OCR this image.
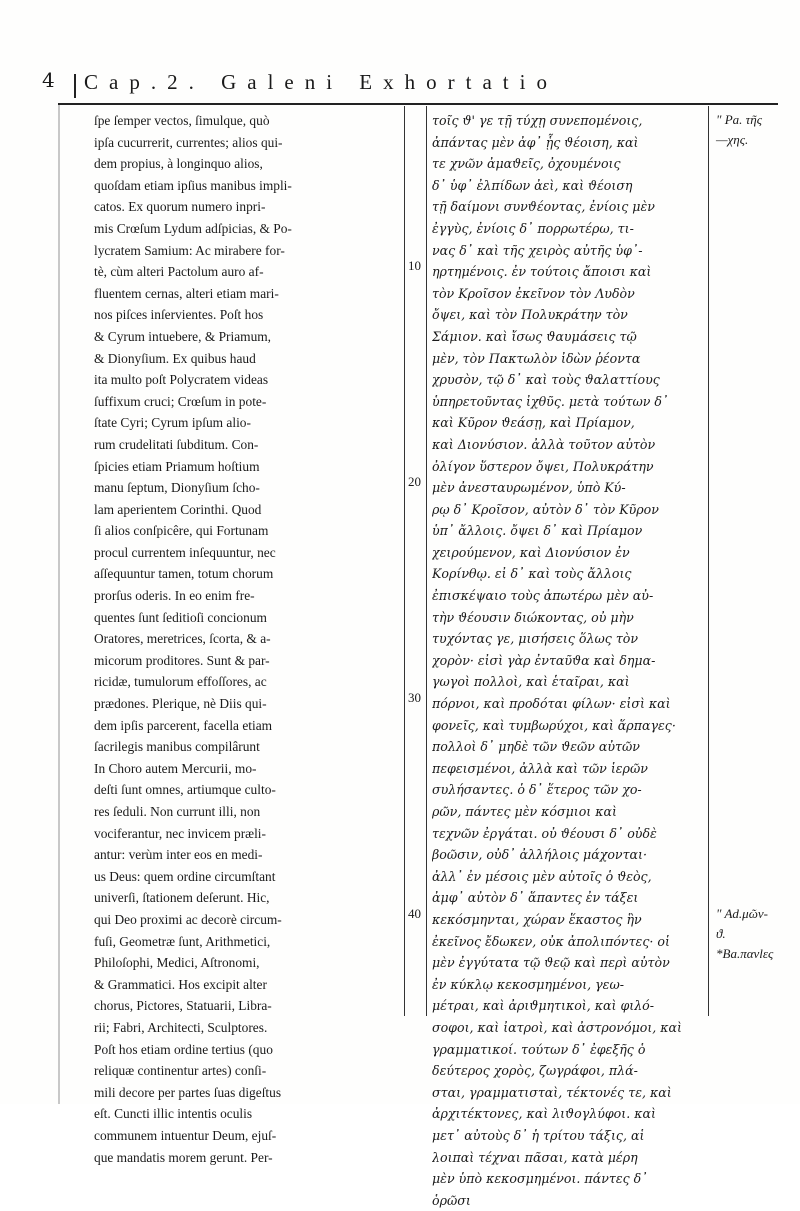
4 Cap.2. Galeni Exhortatio
ſpe ſemper vectos, ſimulque, quò
ipſa cucurrerit, currentes; alios qui-
dem propius, à longinquo alios,
quoſdam etiam ipſius manibus impli-
catos. Ex quorum numero inpri-
mis Crœſum Lydum adſpicias, & Po-
lycratem Samium: Ac mirabere for-
tè, cùm alteri Pactolum auro af-
fluentem cernas, alteri etiam mari-
nos piſces inſervientes. Poſt hos
& Cyrum intuebere, & Priamum,
& Dionyſium. Ex quibus haud
ita multo poſt Polycratem videas
ſuffixum cruci; Crœſum in pote-
ſtate Cyri; Cyrum ipſum alio-
rum crudelitati ſubditum. Con-
ſpicies etiam Priamum hoſtium
manu ſeptum, Dionyſium ſcho-
lam aperientem Corinthi. Quod
ſi alios conſpicêre, qui Fortunam
procul currentem inſequuntur, nec
aſſequuntur tamen, totum chorum
prorſus oderis. In eo enim fre-
quentes ſunt ſeditioſi concionum
Oratores, meretrices, ſcorta, & a-
micorum proditores. Sunt & par-
ricidæ, tumulorum effoſſores, ac
prædones. Plerique, nè Diis qui-
dem ipſis parcerent, facella etiam
ſacrilegis manibus compilârunt
In Choro autem Mercurii, mo-
deſti ſunt omnes, artiumque culto-
res ſeduli. Non currunt illi, non
vociferantur, nec invicem præli-
antur: verùm inter eos en medi-
us Deus: quem ordine circumſtant
univerſi, ſtationem deſerunt. Hic,
qui Deo proximi ac decorè circum-
fuſi, Geometræ ſunt, Arithmetici,
Philoſophi, Medici, Aſtronomi,
& Grammatici. Hos excipit alter
chorus, Pictores, Statuarii, Libra-
rii; Fabri, Architecti, Sculptores.
Poſt hos etiam ordine tertius (quo
reliquæ continentur artes) conſi-
mili decore per partes ſuas digeſtus
eſt. Cuncti illic intentis oculis
communem intuentur Deum, ejuſ-
que mandatis morem gerunt. Per-
10
20
30
40
τοῖς ϑ' γε τῇ τύχῃ συνεπομένοις,
ἀπάντας μὲν ἀφ᾽ ᾗς ϑέοιση, καὶ
τε χνῶν ἀμαϑεῖς, ὀχουμένοις
δ᾽ ὑφ᾽ ἐλπίδων ἀεὶ, καὶ ϑέοιση
τῇ δαίμονι συνϑέοντας, ἐνίοις μὲν
ἐγγὺς, ἐνίοις δ᾽ πορρωτέρω, τι-
νας δ᾽ καὶ τῆς χειρὸς αὐτῆς ὑφ᾽-
ηρτημένοις. ἐν τούτοις ἄποισι καὶ
τὸν Κροῖσον ἐκεῖνον τὸν Λυδὸν
ὄψει, καὶ τὸν Πολυκράτην τὸν
Σάμιον. καὶ ἴσως ϑαυμάσεις τῷ
μὲν, τὸν Πακτωλὸν ἰδὼν ῥέοντα
χρυσὸν, τῷ δ᾽ καὶ τοὺς ϑαλαττίους
ὑπηρετοῦντας ἰχθῦς. μετὰ τούτων δ᾽
καὶ Κῦρον ϑεάσῃ, καὶ Πρίαμον,
καὶ Διονύσιον. ἀλλὰ τοῦτον αὐτὸν
ὀλίγον ὕστερον ὄψει, Πολυκράτην
μὲν ἀνεσταυρωμένον, ὑπὸ Κύ-
ρῳ δ᾽ Κροῖσον, αὐτὸν δ᾽ τὸν Κῦρον
ὑπ᾽ ἄλλοις. ὄψει δ᾽ καὶ Πρίαμον
χειρούμενον, καὶ Διονύσιον ἐν
Κορίνθῳ. εἰ δ᾽ καὶ τοὺς ἄλλοις
ἐπισκέψαιο τοὺς ἀπωτέρω μὲν αὐ-
τὴν ϑέουσιν διώκοντας, οὐ μὴν
τυχόντας γε, μισήσεις ὅλως τὸν
χορὸν· εἰσὶ γὰρ ἐνταῦϑα καὶ δημα-
γωγοὶ πολλοὶ, καὶ ἑταῖραι, καὶ
πόρνοι, καὶ προδόται φίλων· εἰσὶ καὶ
φονεῖς, καὶ τυμβωρύχοι, καὶ ἅρπαγες·
πολλοὶ δ᾽ μηδὲ τῶν ϑεῶν αὐτῶν
πεφεισμένοι, ἀλλὰ καὶ τῶν ἱερῶν
συλήσαντες. ὁ δ᾽ ἕτερος τῶν χο-
ρῶν, πάντες μὲν κόσμιοι καὶ
τεχνῶν ἐργάται. οὐ ϑέουσι δ᾽ οὐδὲ
βοῶσιν, οὐδ᾽ ἀλλήλοις μάχονται·
ἀλλ᾽ ἐν μέσοις μὲν αὐτοῖς ὁ ϑεὸς,
ἀμφ᾽ αὐτὸν δ᾽ ἅπαντες ἐν τάξει
κεκόσμηνται, χώραν ἕκαστος ἣν
ἐκεῖνος ἔδωκεν, οὐκ ἀπολιπόντες· οἱ
μὲν ἐγγύτατα τῷ ϑεῷ καὶ περὶ αὐτὸν
ἐν κύκλῳ κεκοσμημένοι, γεω-
μέτραι, καὶ ἀριϑμητικοὶ, καὶ φιλό-
σοφοι, καὶ ἰατροὶ, καὶ ἀστρονόμοι, καὶ
γραμματικοί. τούτων δ᾽ ἐφεξῆς ὁ
δεύτερος χορὸς, ζωγράφοι, πλά-
σται, γραμματισταὶ, τέκτονές τε, καὶ
ἀρχιτέκτονες, καὶ λιϑογλύφοι. καὶ
μετ᾽ αὐτοὺς δ᾽ ἡ τρίτου τάξις, αἱ
λοιπαὶ τέχναι πᾶσαι, κατὰ μέρη
μὲν ὑπὸ κεκοσμημένοι. πάντες δ᾽
ὁρῶσι
" Pa. τῆς
—χης.
" Ad.μῶν-
ϑ.
*Ba.πανlες
